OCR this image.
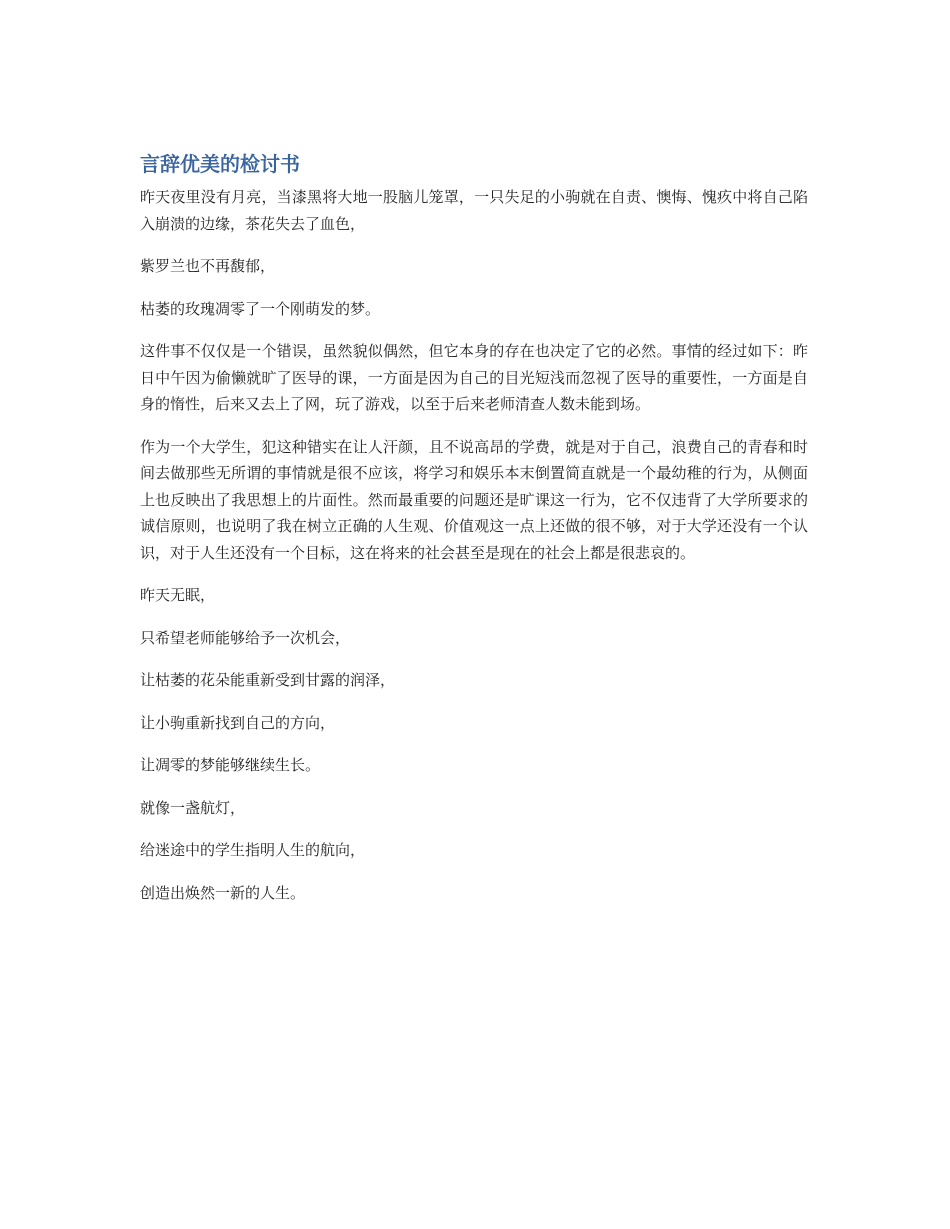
言辞优美的检讨书

昨天夜里没有月亮，当漆黑将大地一股脑儿笼罩，一只失足的小驹就在自责、懊悔、愧疚中将自己陷入崩溃的边缘，茶花失去了血色，

紫罗兰也不再馥郁，

枯萎的玫瑰凋零了一个刚萌发的梦。

这件事不仅仅是一个错误，虽然貌似偶然，但它本身的存在也决定了它的必然。事情的经过如下：昨日中午因为偷懒就旷了医导的课，一方面是因为自己的目光短浅而忽视了医导的重要性，一方面是自身的惰性，后来又去上了网，玩了游戏，以至于后来老师清查人数未能到场。

作为一个大学生，犯这种错实在让人汗颜，且不说高昂的学费，就是对于自己，浪费自己的青春和时间去做那些无所谓的事情就是很不应该，将学习和娱乐本末倒置简直就是一个最幼稚的行为，从侧面上也反映出了我思想上的片面性。然而最重要的问题还是旷课这一行为，它不仅违背了大学所要求的诚信原则，也说明了我在树立正确的人生观、价值观这一点上还做的很不够，对于大学还没有一个认识，对于人生还没有一个目标，这在将来的社会甚至是现在的社会上都是很悲哀的。

昨天无眠，

只希望老师能够给予一次机会，

让枯萎的花朵能重新受到甘露的润泽，

让小驹重新找到自己的方向，

让凋零的梦能够继续生长。

就像一盏航灯，

给迷途中的学生指明人生的航向，

创造出焕然一新的人生。
